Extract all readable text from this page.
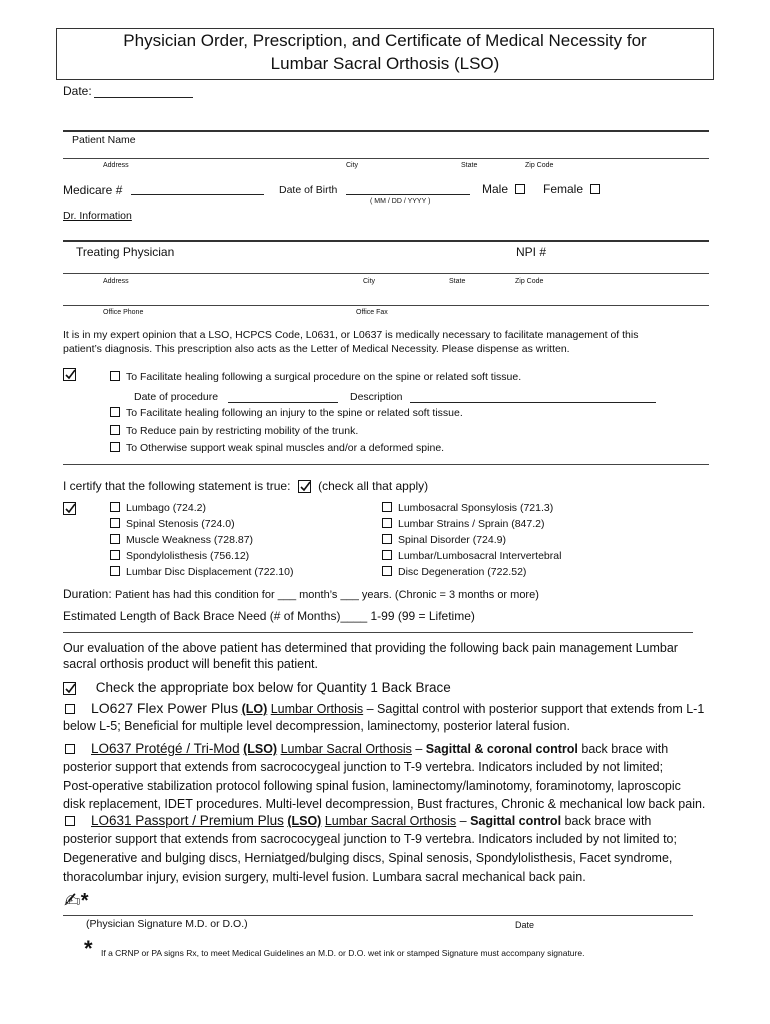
Physician Order, Prescription, and Certificate of Medical Necessity for
Lumbar Sacral Orthosis (LSO)
Date:
Patient Name
Address	City	State	Zip Code
Medicare #	Date of Birth
( MM / DD / YYYY )
Male	Female
Dr. Information
Treating Physician	NPI #
Address	City	State	Zip Code
Office Phone	Office Fax
It is in my expert opinion that a LSO, HCPCS Code, L0631, or L0637 is medically necessary to facilitate management of this
patient’s diagnosis. This prescription also acts as the Letter of Medical Necessity. Please dispense as written.
To Facilitate healing following a surgical procedure on the spine or related soft tissue.
Date of procedure	Description
To Facilitate healing following an injury to the spine or related soft tissue.
To Reduce pain by restricting mobility of the trunk.
To Otherwise support weak spinal muscles and/or a deformed spine.
I certify that the following statement is true: (check all that apply)
Lumbago (724.2)
Spinal Stenosis (724.0)
Muscle Weakness (728.87)
Spondylolisthesis (756.12)
Lumbar Disc Displacement (722.10)
Lumbosacral Sponsylosis (721.3)
Lumbar Strains / Sprain (847.2)
Spinal Disorder (724.9)
Lumbar/Lumbosacral Intervertebral
Disc Degeneration (722.52)
Duration: Patient has had this condition for ___ month’s ___ years. (Chronic = 3 months or more)
Estimated Length of Back Brace Need (# of Months)____ 1-99 (99 = Lifetime)
Our evaluation of the above patient has determined that providing the following back pain management Lumbar
sacral orthosis product will benefit this patient.
Check the appropriate box below for Quantity 1 Back Brace
LO627 Flex Power Plus (LO) Lumbar Orthosis – Sagittal control with posterior support that extends from L-1
below L-5; Beneficial for multiple level decompression, laminectomy, posterior lateral fusion.
LO637 Protégé / Tri-Mod (LSO) Lumbar Sacral Orthosis – Sagittal & coronal control back brace with
posterior support that extends from sacrococygeal junction to T-9 vertebra. Indicators included by not limited;
Post-operative stabilization protocol following spinal fusion, laminectomy/laminotomy, foraminotomy, laproscopic
disk replacement, IDET procedures. Multi-level decompression, Bust fractures, Chronic & mechanical low back pain.
LO631 Passport / Premium Plus (LSO) Lumbar Sacral Orthosis – Sagittal control back brace with
posterior support that extends from sacrococygeal junction to T-9 vertebra. Indicators included by not limited to;
Degenerative and bulging discs, Herniatged/bulging discs, Spinal senosis, Spondylolisthesis, Facet syndrome,
thoracolumbar injury, evision surgery, multi-level fusion. Lumbara sacral mechanical back pain.
✍*
(Physician Signature M.D. or D.O.)	Date
* If a CRNP or PA signs Rx, to meet Medical Guidelines an M.D. or D.O. wet ink or stamped Signature must accompany signature.
